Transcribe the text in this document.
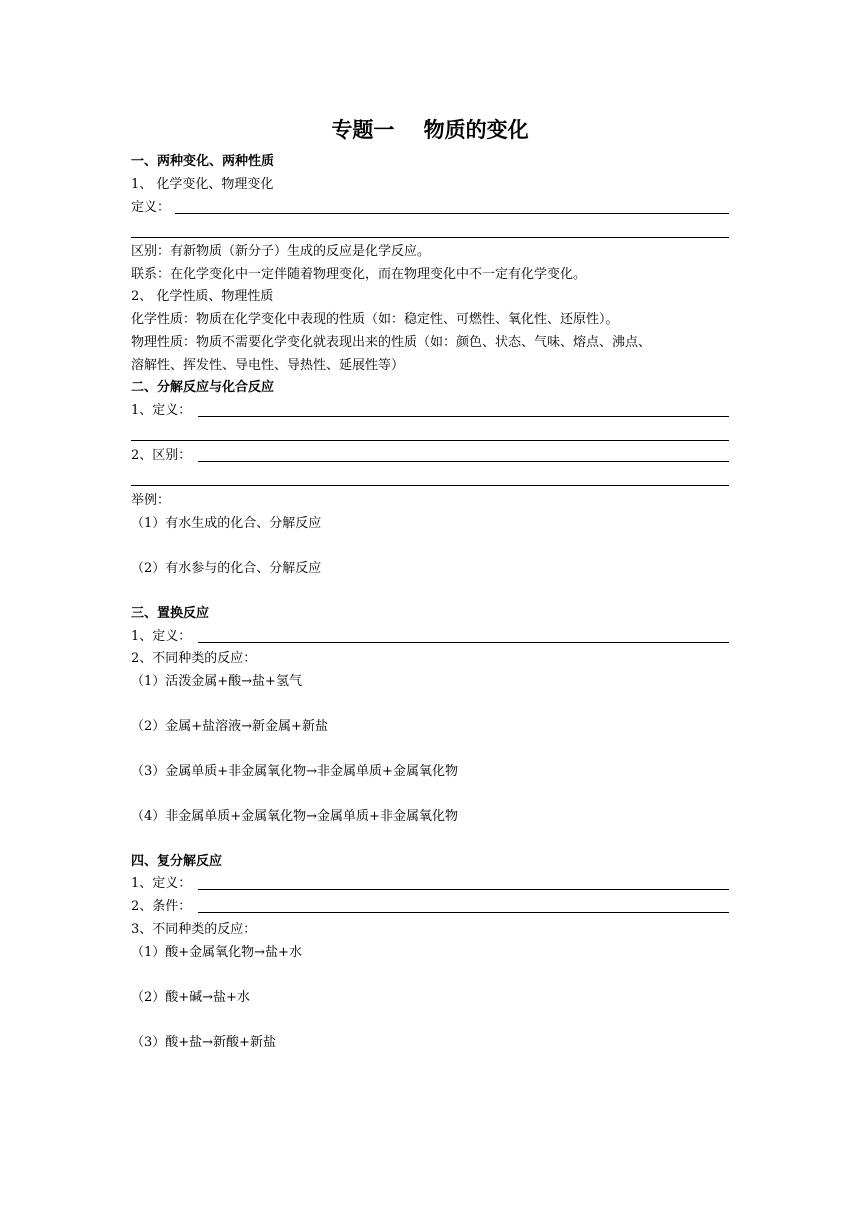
专题一    物质的变化
一、两种变化、两种性质
1、 化学变化、物理变化
定义：
区别：有新物质（新分子）生成的反应是化学反应。
联系：在化学变化中一定伴随着物理变化，而在物理变化中不一定有化学变化。
2、 化学性质、物理性质
化学性质：物质在化学变化中表现的性质（如：稳定性、可燃性、氧化性、还原性）。
物理性质：物质不需要化学变化就表现出来的性质（如：颜色、状态、气味、熔点、沸点、
溶解性、挥发性、导电性、导热性、延展性等）
二、分解反应与化合反应
1、定义：
2、区别：
举例：
（1）有水生成的化合、分解反应
（2）有水参与的化合、分解反应
三、置换反应
1、定义：
2、不同种类的反应：
（1）活泼金属+酸→盐+氢气
（2）金属+盐溶液→新金属+新盐
（3）金属单质+非金属氧化物→非金属单质+金属氧化物
（4）非金属单质+金属氧化物→金属单质+非金属氧化物
四、复分解反应
1、定义：
2、条件：
3、不同种类的反应：
（1）酸+金属氧化物→盐+水
（2）酸+碱→盐+水
（3）酸+盐→新酸+新盐
